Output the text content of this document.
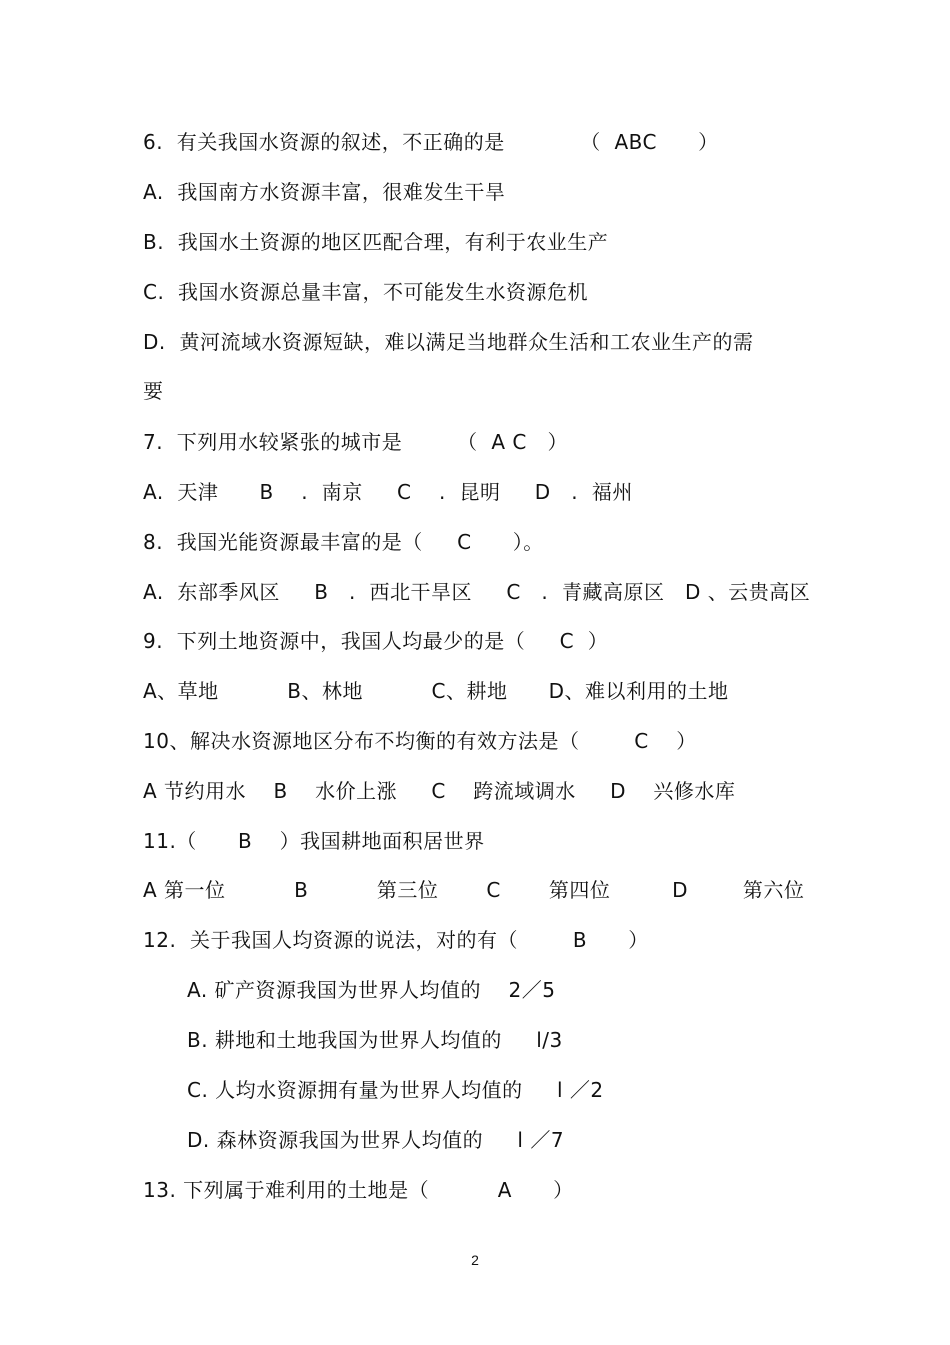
6.  有关我国水资源的叙述，不正确的是           （  ABC      ）
A.  我国南方水资源丰富，很难发生干旱
B.  我国水土资源的地区匹配合理，有利于农业生产
C.  我国水资源总量丰富，不可能发生水资源危机
D.  黄河流域水资源短缺，难以满足当地群众生活和工农业生产的需
要
7.  下列用水较紧张的城市是        （  A C   ）
A.  天津      B    .  南京     C    .  昆明     D   .  福州
8.  我国光能资源最丰富的是（     C      ）。
A.  东部季风区     B   .  西北干旱区     C   .  青藏高原区   D 、云贵高区
9.  下列土地资源中，我国人均最少的是（     C  ）
A、草地          B、林地          C、耕地      D、难以利用的土地
10、解决水资源地区分布不均衡的有效方法是（        C    ）
A 节约用水    B    水价上涨     C    跨流域调水     D    兴修水库
11.（      B    ）我国耕地面积居世界
A 第一位          B          第三位       C       第四位         D        第六位
12.  关于我国人均资源的说法，对的有（        B      ）
A. 矿产资源我国为世界人均值的    2／5
B. 耕地和土地我国为世界人均值的     l/3
C. 人均水资源拥有量为世界人均值的     l ／2
D. 森林资源我国为世界人均值的     l ／7
13. 下列属于难利用的土地是（          A      ）
2
